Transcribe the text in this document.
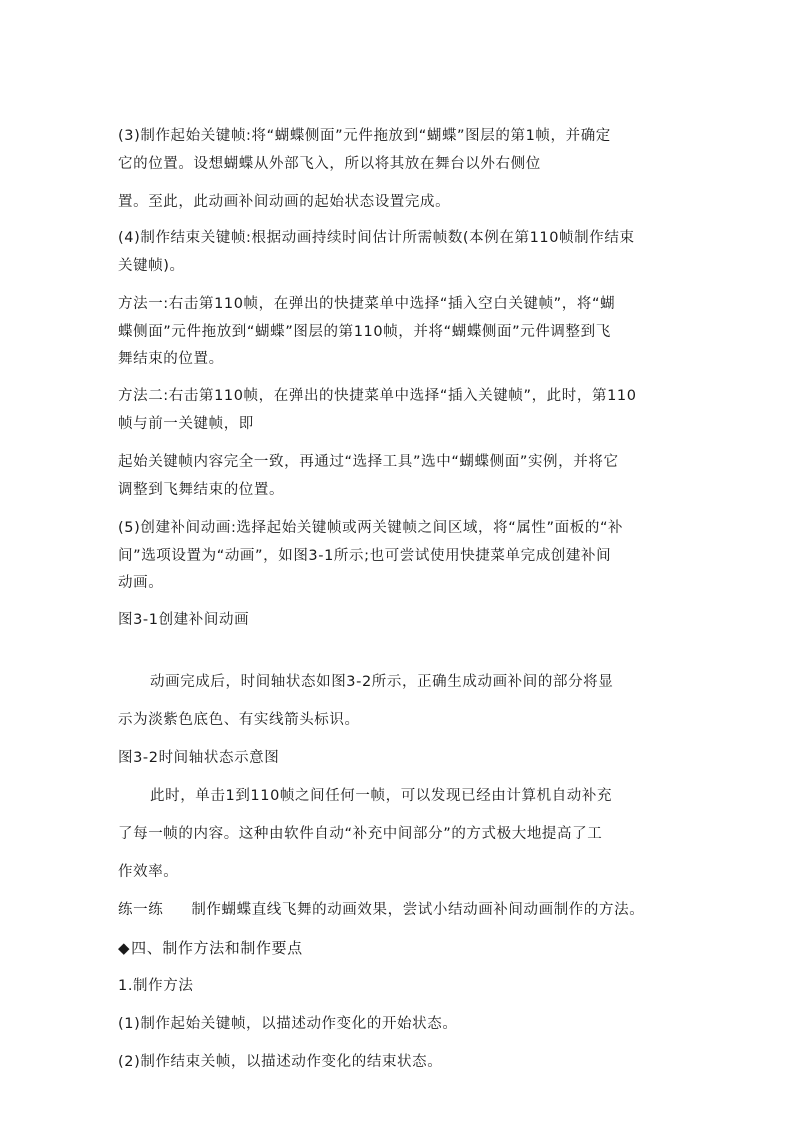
(3)制作起始关键帧:将“蝴蝶侧面”元件拖放到“蝴蝶”图层的第1帧，并确定
它的位置。设想蝴蝶从外部飞入，所以将其放在舞台以外右侧位
置。至此，此动画补间动画的起始状态设置完成。
(4)制作结束关键帧:根据动画持续时间估计所需帧数(本例在第110帧制作结束
关键帧)。
方法一:右击第110帧，在弹出的快捷菜单中选择“插入空白关键帧”，将“蝴
蝶侧面”元件拖放到“蝴蝶”图层的第110帧，并将“蝴蝶侧面”元件调整到飞
舞结束的位置。
方法二:右击第110帧，在弹出的快捷菜单中选择“插入关键帧”，此时，第110
帧与前一关键帧，即
起始关键帧内容完全一致，再通过“选择工具”选中“蝴蝶侧面”实例，并将它
调整到飞舞结束的位置。
(5)创建补间动画:选择起始关键帧或两关键帧之间区域，将“属性”面板的“补
间”选项设置为“动画”，如图3-1所示;也可尝试使用快捷菜单完成创建补间
动画。
图3-1创建补间动画
动画完成后，时间轴状态如图3-2所示，正确生成动画补间的部分将显
示为淡紫色底色、有实线箭头标识。
图3-2时间轴状态示意图
此时，单击1到110帧之间任何一帧，可以发现已经由计算机自动补充
了每一帧的内容。这种由软件自动“补充中间部分”的方式极大地提高了工
作效率。
练一练 制作蝴蝶直线飞舞的动画效果，尝试小结动画补间动画制作的方法。
◆四、制作方法和制作要点
1.制作方法
(1)制作起始关键帧，以描述动作变化的开始状态。
(2)制作结束关帧，以描述动作变化的结束状态。
